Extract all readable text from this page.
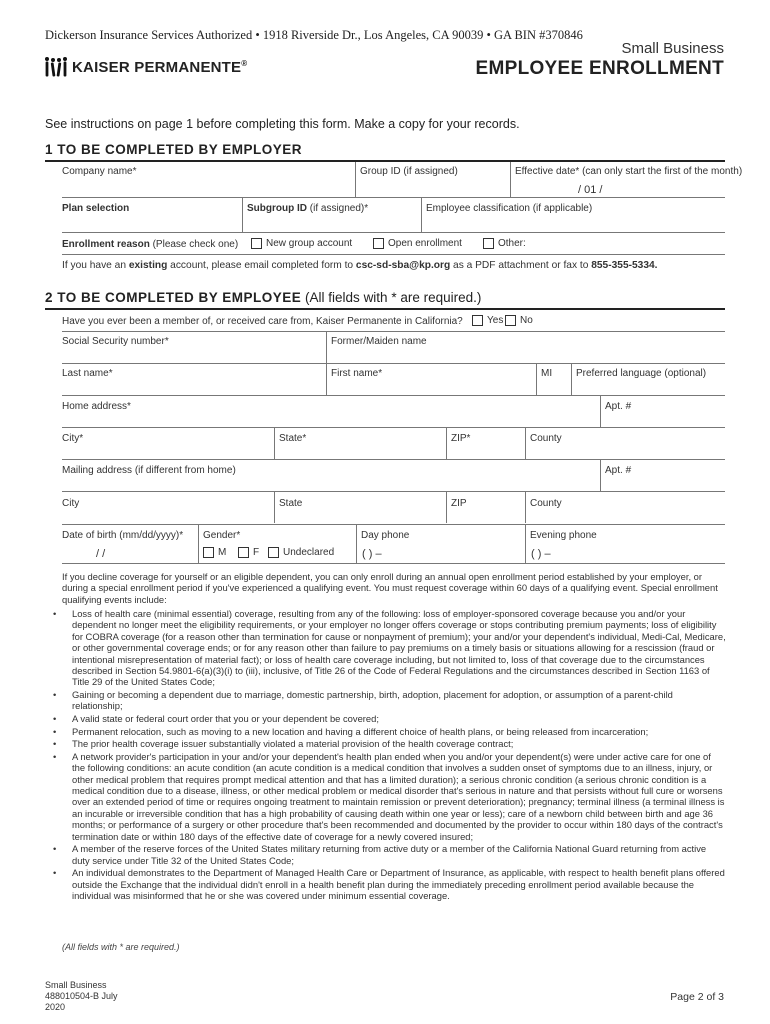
Dickerson Insurance Services Authorized • 1918 Riverside Dr., Los Angeles, CA 90039 • GA BIN #370846
KAISER PERMANENTE®
Small Business
EMPLOYEE ENROLLMENT
See instructions on page 1 before completing this form. Make a copy for your records.
1 TO BE COMPLETED BY EMPLOYER
Company name*	Group ID (if assigned)	Effective date* (can only start the first of the month)
/ 01 /
Plan selection	Subgroup ID (if assigned)*	Employee classification (if applicable)
Enrollment reason (Please check one)	New group account	Open enrollment	Other:
If you have an existing account, please email completed form to csc-sd-sba@kp.org as a PDF attachment or fax to 855-355-5334.
2 TO BE COMPLETED BY EMPLOYEE (All fields with * are required.)
Have you ever been a member of, or received care from, Kaiser Permanente in California?	Yes	No
Social Security number*	Former/Maiden name
Last name*	First name*	MI Preferred language (optional)
Home address*	Apt. #
City*	State*	ZIP*	County
Mailing address (if different from home)	Apt. #
City	State	ZIP	County
Date of birth (mm/dd/yyyy)*
/ /
Gender*
M	F	Undeclared
Day phone
( ) –
Evening phone
( ) –
If you decline coverage for yourself or an eligible dependent, you can only enroll during an annual open enrollment period established by your employer, or during a special enrollment period if you've experienced a qualifying event. You must request coverage within 60 days of a qualifying event. Special enrollment qualifying events include:
• Loss of health care (minimal essential) coverage, resulting from any of the following: loss of employer-sponsored coverage because you and/or your dependent no longer meet the eligibility requirements, or your employer no longer offers coverage or stops contributing premium payments; loss of eligibility for COBRA coverage (for a reason other than termination for cause or nonpayment of premium); your and/or your dependent's individual, Medi-Cal, Medicare, or other governmental coverage ends; or for any reason other than failure to pay premiums on a timely basis or situations allowing for a rescission (fraud or intentional misrepresentation of material fact); or loss of health care coverage including, but not limited to, loss of that coverage due to the circumstances described in Section 54.9801-6(a)(3)(i) to (iii), inclusive, of Title 26 of the Code of Federal Regulations and the circumstances described in Section 1163 of Title 29 of the United States Code;
• Gaining or becoming a dependent due to marriage, domestic partnership, birth, adoption, placement for adoption, or assumption of a parent-child relationship;
• A valid state or federal court order that you or your dependent be covered;
• Permanent relocation, such as moving to a new location and having a different choice of health plans, or being released from incarceration;
• The prior health coverage issuer substantially violated a material provision of the health coverage contract;
• A network provider's participation in your and/or your dependent's health plan ended when you and/or your dependent(s) were under active care for one of the following conditions: an acute condition (an acute condition is a medical condition that involves a sudden onset of symptoms due to an illness, injury, or other medical problem that requires prompt medical attention and that has a limited duration); a serious chronic condition (a serious chronic condition is a medical condition due to a disease, illness, or other medical problem or medical disorder that's serious in nature and that persists without full cure or worsens over an extended period of time or requires ongoing treatment to maintain remission or prevent deterioration); pregnancy; terminal illness (a terminal illness is an incurable or irreversible condition that has a high probability of causing death within one year or less); care of a newborn child between birth and age 36 months; or performance of a surgery or other procedure that's been recommended and documented by the provider to occur within 180 days of the contract's termination date or within 180 days of the effective date of coverage for a newly covered insured;
• A member of the reserve forces of the United States military returning from active duty or a member of the California National Guard returning from active duty service under Title 32 of the United States Code;
• An individual demonstrates to the Department of Managed Health Care or Department of Insurance, as applicable, with respect to health benefit plans offered outside the Exchange that the individual didn't enroll in a health benefit plan during the immediately preceding enrollment period available because the individual was misinformed that he or she was covered under minimum essential coverage.
(All fields with * are required.)
Small Business
488010504-B July
2020
Page 2 of 3
